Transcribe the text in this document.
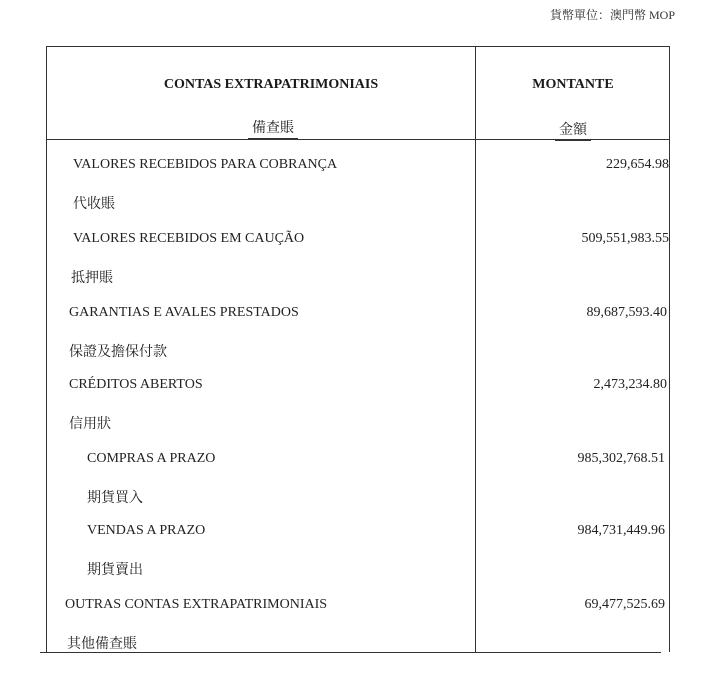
貨幣單位：澳門幣 MOP
CONTAS EXTRAPATRIMONIAIS
備查賬
MONTANTE
金額
VALORES RECEBIDOS PARA COBRANÇA
代收賬
229,654.98
VALORES RECEBIDOS EM CAUÇÃO
抵押賬
509,551,983.55
GARANTIAS E AVALES PRESTADOS
保證及擔保付款
89,687,593.40
CRÉDITOS ABERTOS
信用狀
2,473,234.80
COMPRAS A PRAZO
期貨買入
985,302,768.51
VENDAS A PRAZO
期貨賣出
984,731,449.96
OUTRAS CONTAS EXTRAPATRIMONIAIS
其他備查賬
69,477,525.69
